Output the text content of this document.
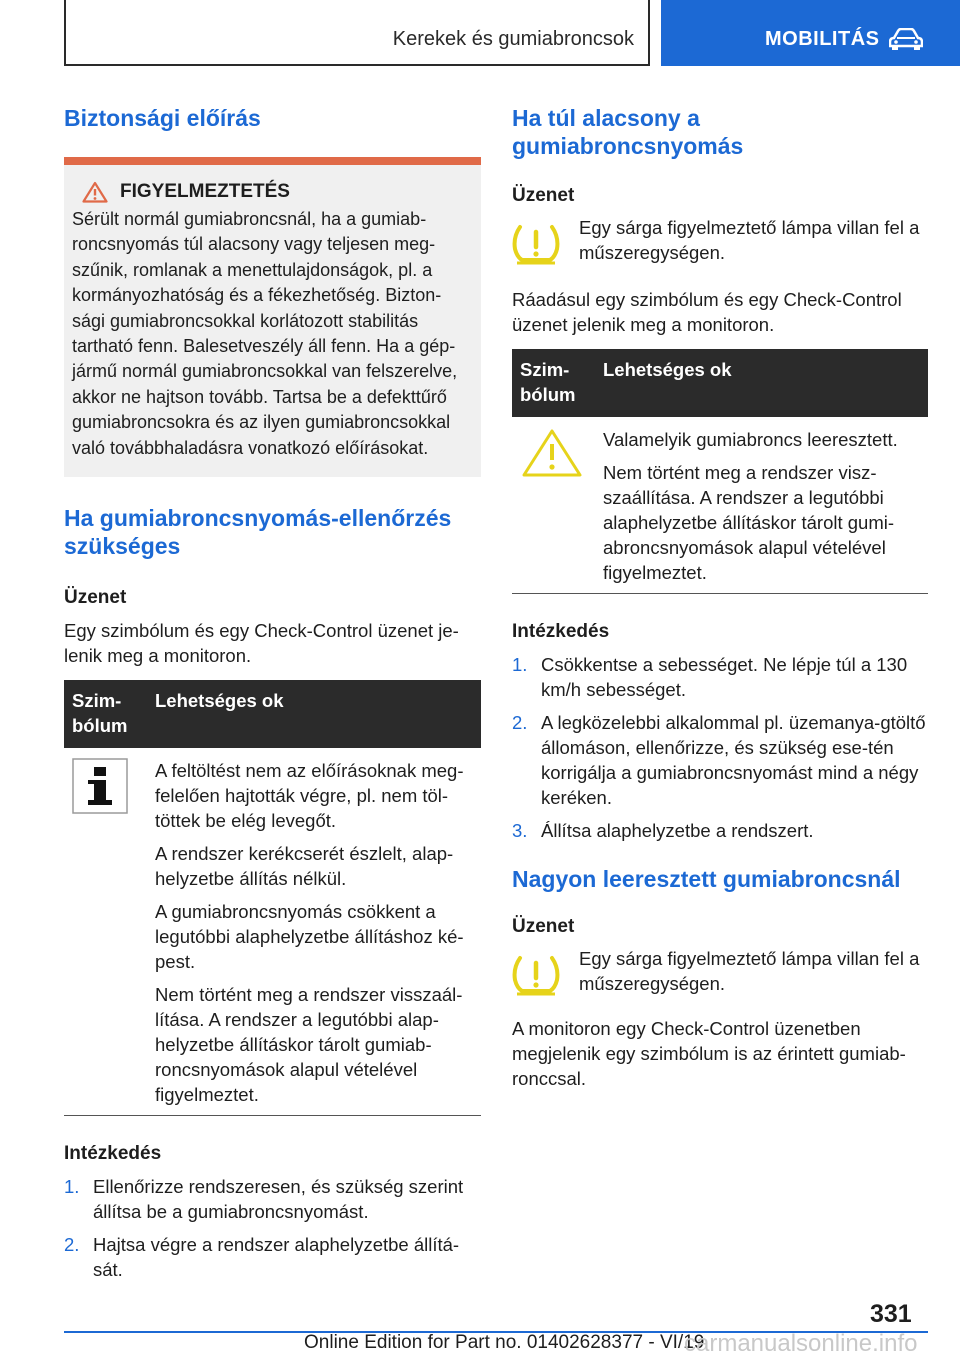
Kerekek és gumiabroncsok	MOBILITÁS
Biztonsági előírás
FIGYELMEZTETÉS

Sérült normál gumiabroncsnál, ha a gumiab-roncsnyomás túl alacsony vagy teljesen meg-szűnik, romlanak a menettulajdonságok, pl. a kormányozhatóság és a fékezhetőség. Bizton-sági gumiabroncsokkal korlátozott stabilitás tartható fenn. Balesetveszély áll fenn. Ha a gép-jármű normál gumiabroncsokkal van felszerelve, akkor ne hajtson tovább. Tartsa be a defekttűrő gumiabroncsokra és az ilyen gumiabroncsokkal való továbbhaladásra vonatkozó előírásokat.

Ha gumiabroncsnyomás-ellenőrzés szükséges
Üzenet

Egy szimbólum és egy Check-Control üzenet je-lenik meg a monitoron.

Szim-bólum	Lehetséges ok

A feltöltést nem az előírásoknak meg-felelően hajtották végre, pl. nem töl-töttek be elég levegőt.

A rendszer kerékcserét észlelt, alap-helyzetbe állítás nélkül.

A gumiabroncsnyomás csökkent a legutóbbi alaphelyzetbe állításhoz ké-pest.

Nem történt meg a rendszer visszaál-lítása. A rendszer a legutóbbi alap-helyzetbe állításkor tárolt gumiab-roncsnyomások alapul vételével figyelmeztet.

Intézkedés
1. Ellenőrizze rendszeresen, és szükség szerint állítsa be a gumiabroncsnyomást.
2. Hajtsa végre a rendszer alaphelyzetbe állítá-sát.
Ha túl alacsony a gumiabroncsnyomás
Üzenet

Egy sárga figyelmeztető lámpa villan fel a műszeregységen.

Ráadásul egy szimbólum és egy Check-Control üzenet jelenik meg a monitoron.

Szim-bólum	Lehetséges ok

Valamelyik gumiabroncs leeresztett.

Nem történt meg a rendszer visz-szaállítása. A rendszer a legutóbbi alaphelyzetbe állításkor tárolt gumi-abroncsnyomások alapul vételével figyelmeztet.

Intézkedés
1. Csökkentse a sebességet. Ne lépje túl a 130 km/h sebességet.
2. A legközelebbi alkalommal pl. üzemanya-gtöltő állomáson, ellenőrizze, és szükség ese-tén korrigálja a gumiabroncsnyomást mind a négy keréken.
3. Állítsa alaphelyzetbe a rendszert.
Nagyon leeresztett gumiabroncsnál
Üzenet

Egy sárga figyelmeztető lámpa villan fel a műszeregységen.

A monitoron egy Check-Control üzenetben megjelenik egy szimbólum is az érintett gumiab-ronccsal.

331
Online Edition for Part no. 01402628377 - VI/19
carmanualsonline.info
